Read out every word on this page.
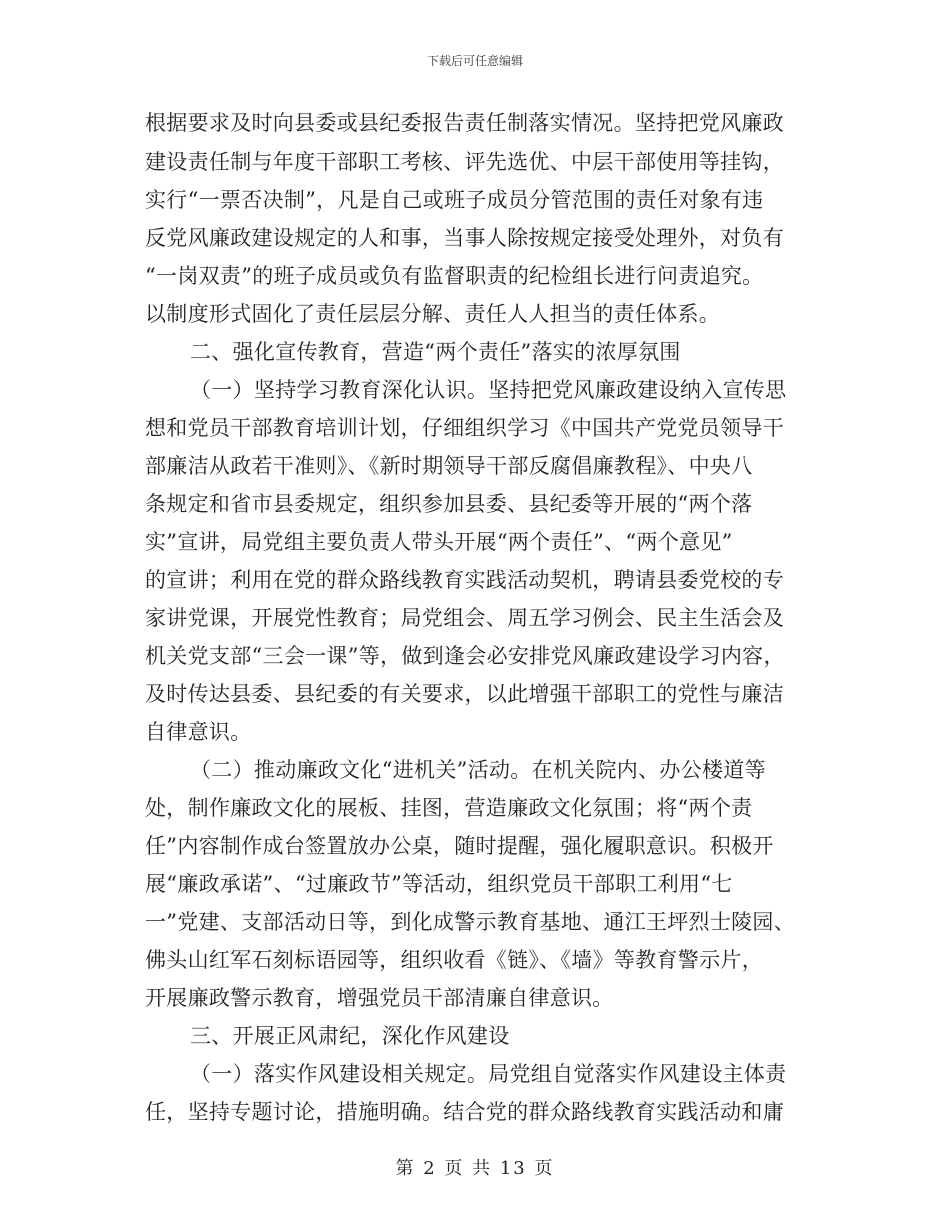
下载后可任意编辑
根据要求及时向县委或县纪委报告责任制落实情况。坚持把党风廉政
建设责任制与年度干部职工考核、评先选优、中层干部使用等挂钩，
实行“一票否决制”，凡是自己或班子成员分管范围的责任对象有违
反党风廉政建设规定的人和事，当事人除按规定接受处理外，对负有
“一岗双责”的班子成员或负有监督职责的纪检组长进行问责追究。
以制度形式固化了责任层层分解、责任人人担当的责任体系。
二、强化宣传教育，营造“两个责任”落实的浓厚氛围
（一）坚持学习教育深化认识。坚持把党风廉政建设纳入宣传思
想和党员干部教育培训计划，仔细组织学习《中国共产党党员领导干
部廉洁从政若干准则》、《新时期领导干部反腐倡廉教程》、中央八
条规定和省市县委规定，组织参加县委、县纪委等开展的“两个落
实”宣讲，局党组主要负责人带头开展“两个责任”、“两个意见”
的宣讲；利用在党的群众路线教育实践活动契机，聘请县委党校的专
家讲党课，开展党性教育；局党组会、周五学习例会、民主生活会及
机关党支部“三会一课”等，做到逢会必安排党风廉政建设学习内容，
及时传达县委、县纪委的有关要求，以此增强干部职工的党性与廉洁
自律意识。
（二）推动廉政文化“进机关”活动。在机关院内、办公楼道等
处，制作廉政文化的展板、挂图，营造廉政文化氛围；将“两个责
任”内容制作成台签置放办公桌，随时提醒，强化履职意识。积极开
展“廉政承诺”、“过廉政节”等活动，组织党员干部职工利用“七
一”党建、支部活动日等，到化成警示教育基地、通江王坪烈士陵园、
佛头山红军石刻标语园等，组织收看《链》、《墙》等教育警示片，
开展廉政警示教育，增强党员干部清廉自律意识。
三、开展正风肃纪，深化作风建设
（一）落实作风建设相关规定。局党组自觉落实作风建设主体责
任，坚持专题讨论，措施明确。结合党的群众路线教育实践活动和庸
第 2 页 共 13 页
